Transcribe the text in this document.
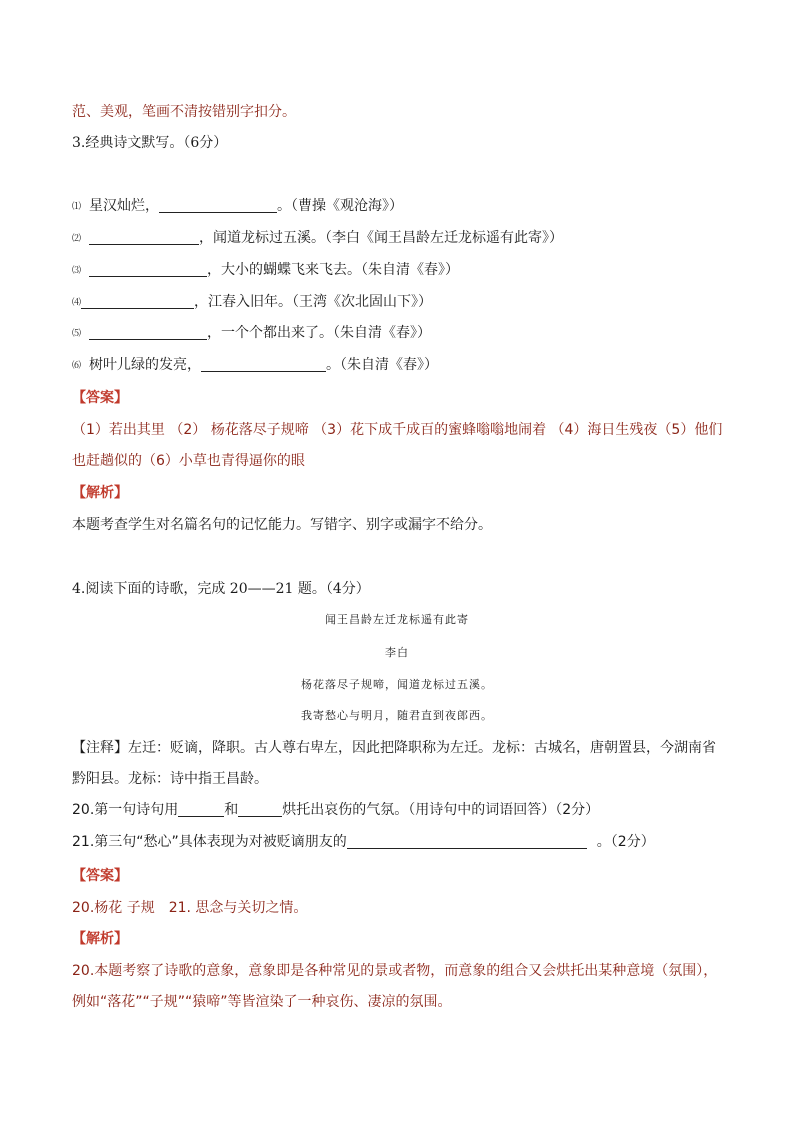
范、美观，笔画不清按错别字扣分。
3.经典诗文默写。（6分）
⑴ 星汉灿烂，	。（曹操《观沧海》）
⑵	，闻道龙标过五溪。（李白《闻王昌龄左迁龙标遥有此寄》）
⑶	，大小的蝴蝶飞来飞去。（朱自清《春》）
⑷	，江春入旧年。（王湾《次北固山下》）
⑸	，一个个都出来了。（朱自清《春》）
⑹ 树叶儿绿的发亮，	。（朱自清《春》）
【答案】
（1）若出其里 （2） 杨花落尽子规啼 （3）花下成千成百的蜜蜂嗡嗡地闹着 （4）海日生残夜（5）他们
也赶趟似的（6）小草也青得逼你的眼
【解析】
本题考查学生对名篇名句的记忆能力。写错字、别字或漏字不给分。
4.阅读下面的诗歌，完成 20——21 题。（4分）
闻王昌龄左迁龙标遥有此寄
李白
杨花落尽子规啼，闻道龙标过五溪。
我寄愁心与明月，随君直到夜郎西。
【注释】左迁：贬谪，降职。古人尊右卑左，因此把降职称为左迁。龙标：古城名，唐朝置县，今湖南省
黔阳县。龙标：诗中指王昌龄。
20.第一句诗句用	和	烘托出哀伤的气氛。（用诗句中的词语回答）（2分）
21.第三句“愁心”具体表现为对被贬谪朋友的	。（2分）
【答案】
20.杨花 子规　21. 思念与关切之情。
【解析】
20.本题考察了诗歌的意象，意象即是各种常见的景或者物，而意象的组合又会烘托出某种意境（氛围），
例如“落花”“子规”“猿啼”等皆渲染了一种哀伤、凄凉的氛围。
